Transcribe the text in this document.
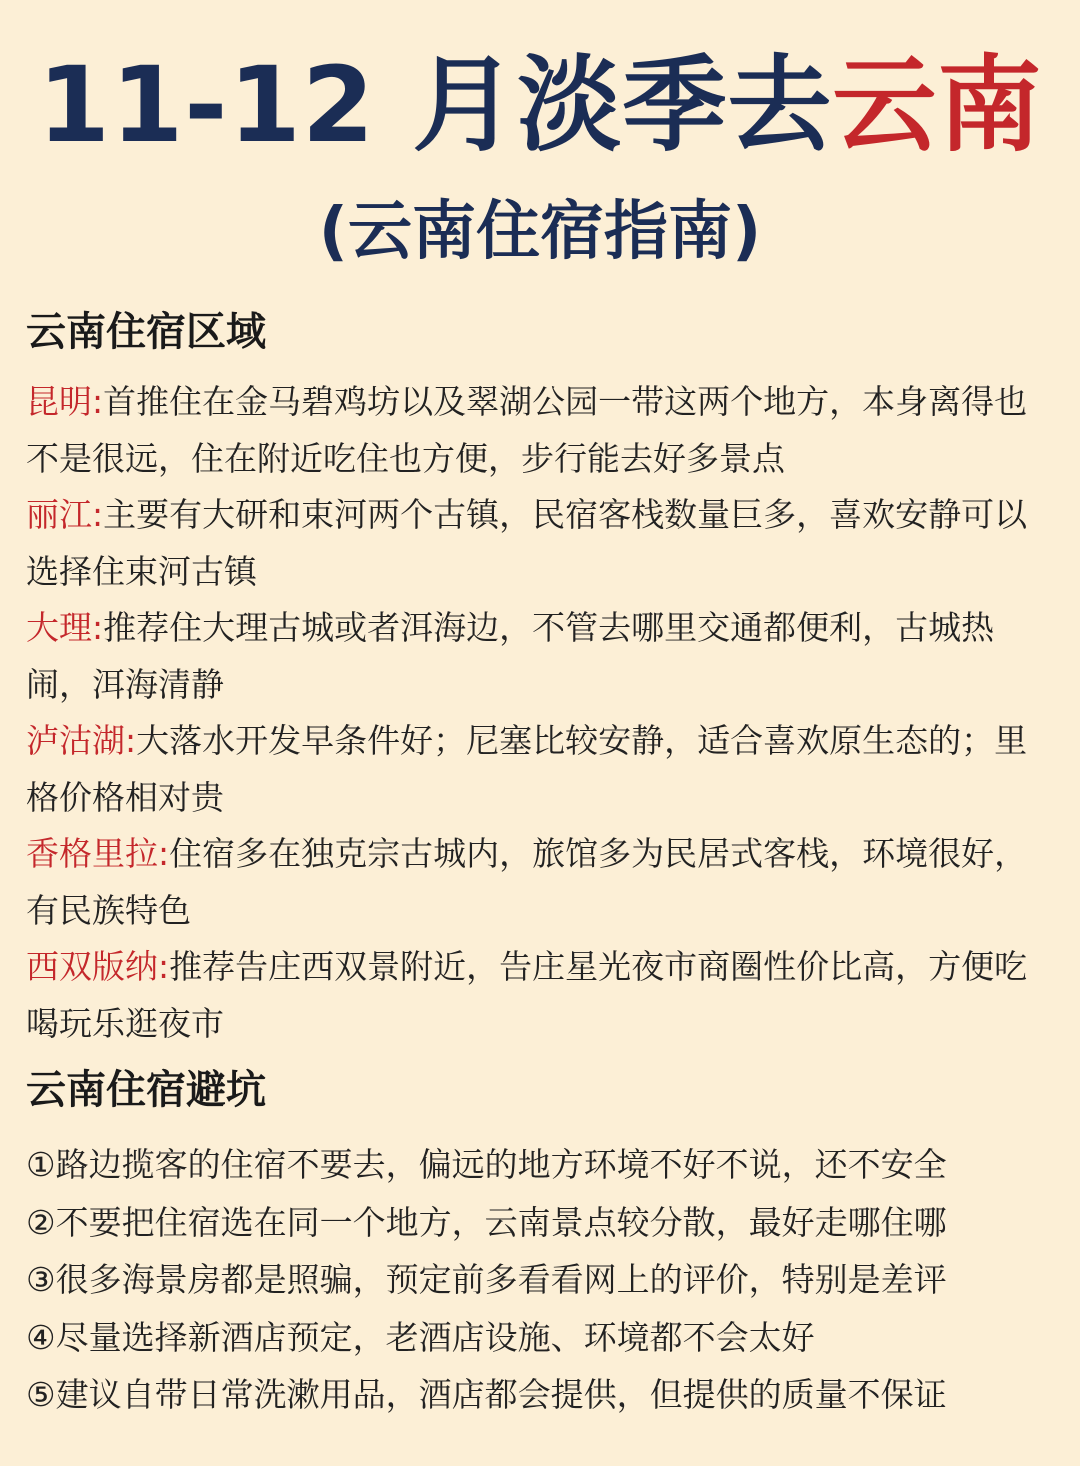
11-12 月淡季去云南
(云南住宿指南)
云南住宿区域
昆明:首推住在金马碧鸡坊以及翠湖公园一带这两个地方，本身离得也不是很远，住在附近吃住也方便，步行能去好多景点
丽江:主要有大研和束河两个古镇，民宿客栈数量巨多，喜欢安静可以选择住束河古镇
大理:推荐住大理古城或者洱海边，不管去哪里交通都便利，古城热闹，洱海清静
泸沽湖:大落水开发早条件好；尼塞比较安静，适合喜欢原生态的；里格价格相对贵
香格里拉:住宿多在独克宗古城内，旅馆多为民居式客栈，环境很好，有民族特色
西双版纳:推荐告庄西双景附近，告庄星光夜市商圈性价比高，方便吃喝玩乐逛夜市
云南住宿避坑
①路边揽客的住宿不要去，偏远的地方环境不好不说，还不安全
②不要把住宿选在同一个地方，云南景点较分散，最好走哪住哪
③很多海景房都是照骗，预定前多看看网上的评价，特别是差评
④尽量选择新酒店预定，老酒店设施、环境都不会太好
⑤建议自带日常洗漱用品，酒店都会提供，但提供的质量不保证
